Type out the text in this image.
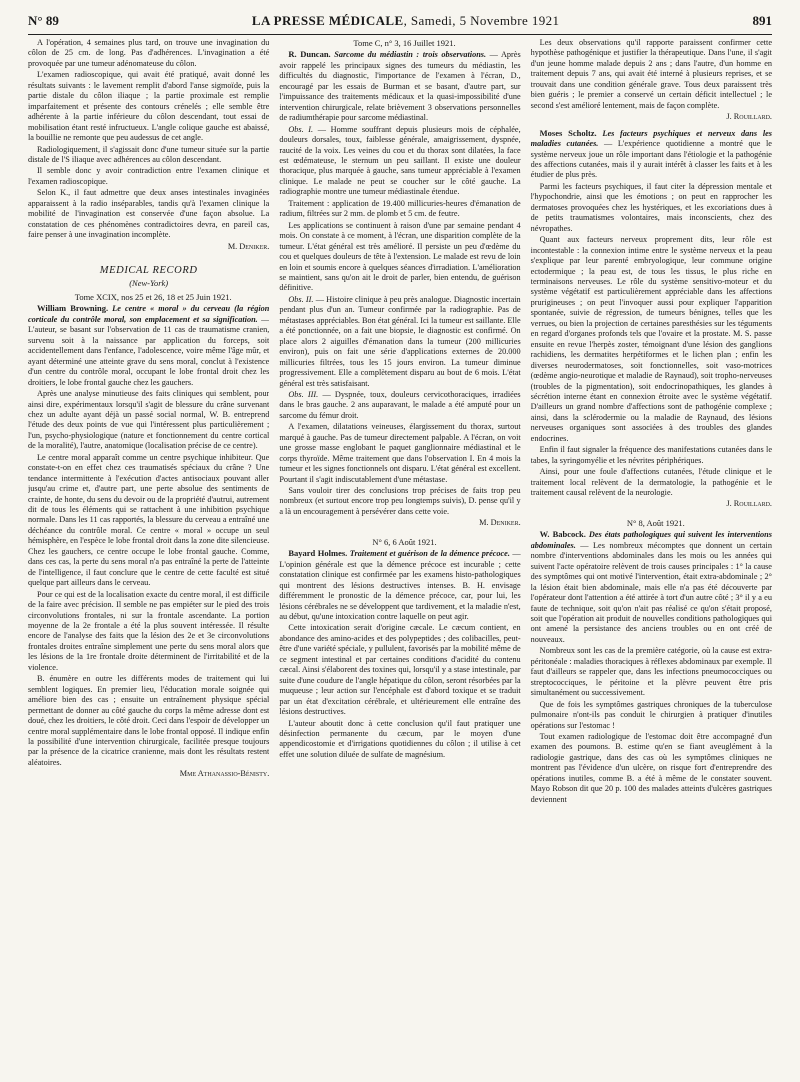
N° 89	LA PRESSE MÉDICALE, Samedi, 5 Novembre 1921	891

A l'opération, 4 semaines plus tard, on trouve une invagination du côlon de 25 cm. de long. Pas d'adhérences. L'invagination a été provoquée par une tumeur adénomateuse du côlon.

L'examen radioscopique, qui avait été pratiqué, avait donné les résultats suivants : le lavement remplit d'abord l'anse sigmoïde, puis la partie distale du côlon iliaque ; la partie proximale est remplie imparfaitement et présente des contours crénelés ; elle semble être adhérente à la partie inférieure du côlon descendant, tout essai de mobilisation étant resté infructueux. L'angle colique gauche est abaissé, la bouillie ne remonte que peu audessus de cet angle.

Radiologiquement, il s'agissait donc d'une tumeur située sur la partie distale de l'S iliaque avec adhérences au côlon descendant.

Il semble donc y avoir contradiction entre l'examen clinique et l'examen radioscopique.

Selon K., il faut admettre que deux anses intestinales invaginées apparaissent à la radio inséparables, tandis qu'à l'examen clinique la mobilité de l'invagination est conservée d'une façon absolue. La constatation de ces phénomènes contradictoires devra, en pareil cas, faire penser à une invagination incomplète.

M. Deniker.

MEDICAL RECORD
(New-York)

Tome XCIX, nos 25 et 26, 18 et 25 Juin 1921.

William Browning. Le centre « moral » du cerveau (la région corticale du contrôle moral, son emplacement et sa signification. — L'auteur, se basant sur l'observation de 11 cas de traumatisme cranien, survenu soit à la naissance par application du forceps, soit accidentellement dans l'enfance, l'adolescence, voire même l'âge mûr, et ayant déterminé une atteinte grave du sens moral, conclut à l'existence d'un centre du contrôle moral, occupant le lobe frontal droit chez les droitiers, le lobe frontal gauche chez les gauchers.

Après une analyse minutieuse des faits cliniques qui semblent, pour ainsi dire, expérimentaux lorsqu'il s'agit de blessure du crâne survenant chez un adulte ayant déjà un passé social normal, W. B. entreprend l'étude des deux points de vue qui l'intéressent plus particulièrement ; l'un, psycho-physiologique (nature et fonctionnement du centre cortical de la moralité), l'autre, anatomique (localisation précise de ce centre).

Le centre moral apparaît comme un centre psychique inhibiteur. Que constate-t-on en effet chez ces traumatisés spéciaux du crâne ? Une tendance intermittente à l'exécution d'actes antisociaux pouvant aller jusqu'au crime et, d'autre part, une perte absolue des sentiments de crainte, de honte, du sens du devoir ou de la propriété d'autrui, autrement dit de tous les éléments qui se rattachent à une inhibition psychique normale. Dans les 11 cas rapportés, la blessure du cerveau a entraîné une déchéance du contrôle moral. Ce centre « moral » occupe un seul hémisphère, en l'espèce le lobe frontal droit dans la zone dite silencieuse. Chez les gauchers, ce centre occupe le lobe frontal gauche. Comme, dans ces cas, la perte du sens moral n'a pas entraîné la perte de l'atteinte de l'intelligence, il faut conclure que le centre de cette faculté est situé quelque part ailleurs dans le cerveau.

Pour ce qui est de la localisation exacte du centre moral, il est difficile de la faire avec précision. Il semble ne pas empiéter sur le pied des trois circonvolutions frontales, ni sur la frontale ascendante. La portion moyenne de la 2e frontale a été la plus souvent intéressée. Il résulte encore de l'analyse des faits que la lésion des 2e et 3e circonvolutions frontales droites entraîne simplement une perte du sens moral alors que les lésions de la 1re frontale droite déterminent de l'irritabilité et de la violence.

B. énumère en outre les différents modes de traitement qui lui semblent logiques. En premier lieu, l'éducation morale soignée qui améliore bien des cas ; ensuite un entraînement physique spécial permettant de donner au côté gauche du corps la même adresse dont est doué, chez les droitiers, le côté droit. Ceci dans l'espoir de développer un centre moral supplémentaire dans le lobe frontal opposé. Il indique enfin la possibilité d'une intervention chirurgicale, facilitée presque toujours par la présence de la cicatrice cranienne, mais dont les résultats restent aléatoires.

Mme Athanassio-Bénisty.

Tome C, n° 3, 16 Juillet 1921.

R. Duncan. Sarcome du médiastin : trois observations. — Après avoir rappelé les principaux signes des tumeurs du médiastin, les difficultés du diagnostic, l'importance de l'examen à l'écran, D., encouragé par les essais de Burman et se basant, d'autre part, sur l'impuissance des traitements médicaux et la quasi-impossibilité d'une intervention chirurgicale, relate brièvement 3 observations personnelles de radiumthérapie pour sarcome médiastinal.

Obs. I. — Homme souffrant depuis plusieurs mois de céphalée, douleurs dorsales, toux, faiblesse générale, amaigrissement, dyspnée, raucité de la voix. Les veines du cou et du thorax sont dilatées, la face est œdémateuse, le sternum un peu saillant. Il existe une douleur thoracique, plus marquée à gauche, sans tumeur appréciable à l'examen clinique. Le malade ne peut se coucher sur le côté gauche. La radiographie montre une tumeur médiastinale étendue.

Traitement : application de 19.400 millicuries-heures d'émanation de radium, filtrées sur 2 mm. de plomb et 5 cm. de feutre.

Les applications se continuent à raison d'une par semaine pendant 4 mois. On constate à ce moment, à l'écran, une disparition complète de la tumeur. L'état général est très amélioré. Il persiste un peu d'œdème du cou et quelques douleurs de tête à l'extension. Le malade est revu de loin en loin et soumis encore à quelques séances d'irradiation. L'amélioration se maintient, sans qu'on ait le droit de parler, bien entendu, de guérison définitive.

Obs. II. — Histoire clinique à peu près analogue. Diagnostic incertain pendant plus d'un an. Tumeur confirmée par la radiographie. Pas de métastases appréciables. Bon état général. Ici la tumeur est saillante. Elle a été ponctionnée, on a fait une biopsie, le diagnostic est confirmé. On place alors 2 aiguilles d'émanation dans la tumeur (200 millicuries environ), puis on fait une série d'applications externes de 20.000 millicuries filtrées, tous les 15 jours environ. La tumeur diminue progressivement. Elle a complètement disparu au bout de 6 mois. L'état général est très satisfaisant.

Obs. III. — Dyspnée, toux, douleurs cervicothoraciques, irradiées dans le bras gauche. 2 ans auparavant, le malade a été amputé pour un sarcome du fémur droit.

A l'examen, dilatations veineuses, élargissement du thorax, surtout marqué à gauche. Pas de tumeur directement palpable. A l'écran, on voit une grosse masse englobant le paquet ganglionnaire médiastinal et le corps thyroïde. Même traitement que dans l'observation I. En 4 mois la tumeur et les signes fonctionnels ont disparu. L'état général est excellent. Pourtant il s'agit indiscutablement d'une métastase.

Sans vouloir tirer des conclusions trop précises de faits trop peu nombreux (et surtout encore trop peu longtemps suivis), D. pense qu'il y a là un encouragement à persévérer dans cette voie.

M. Deniker.

N° 6, 6 Août 1921.

Bayard Holmes. Traitement et guérison de la démence précoce. — L'opinion générale est que la démence précoce est incurable ; cette constatation clinique est confirmée par les examens histo-pathologiques qui montrent des lésions destructives intenses. B. H. envisage différemment le pronostic de la démence précoce, car, pour lui, les lésions cérébrales ne se développent que tardivement, et la maladie n'est, au début, qu'une intoxication contre laquelle on peut agir.

Cette intoxication serait d'origine cæcale. Le cæcum contient, en abondance des amino-acides et des polypeptides ; des colibacilles, peut-être d'une variété spéciale, y pullulent, favorisés par la mobilité même de ce segment intestinal et par certaines conditions d'acidité du contenu cæcal. Ainsi s'élaborent des toxines qui, lorsqu'il y a stase intestinale, par suite d'une coudure de l'angle hépatique du côlon, seront résorbées par la muqueuse ; leur action sur l'encéphale est d'abord toxique et se traduit par un état d'excitation cérébrale, et ultérieurement elle entraîne des lésions destructives.

L'auteur aboutit donc à cette conclusion qu'il faut pratiquer une désinfection permanente du cæcum, par le moyen d'une appendicostomie et d'irrigations quotidiennes du côlon ; il utilise à cet effet une solution diluée de sulfate de magnésium.

Les deux observations qu'il rapporte paraissent confirmer cette hypothèse pathogénique et justifier la thérapeutique. Dans l'une, il s'agit d'un jeune homme malade depuis 2 ans ; dans l'autre, d'un homme en traitement depuis 7 ans, qui avait été interné à plusieurs reprises, et se trouvait dans une condition générale grave. Tous deux paraissent très bien guéris ; le premier a conservé un certain déficit intellectuel ; le second s'est amélioré lentement, mais de façon complète.

J. Rouillard.

Moses Scholtz. Les facteurs psychiques et nerveux dans les maladies cutanées. — L'expérience quotidienne a montré que le système nerveux joue un rôle important dans l'étiologie et la pathogénie des affections cutanées, mais il y aurait intérêt à classer les faits et à les étudier de plus près.

Parmi les facteurs psychiques, il faut citer la dépression mentale et l'hypochondrie, ainsi que les émotions ; on peut en rapprocher les dermatoses provoquées chez les hystériques, et les excoriations dues à de petits traumatismes volontaires, mais inconscients, chez des névropathes.

Quant aux facteurs nerveux proprement dits, leur rôle est incontestable : la connexion intime entre le système nerveux et la peau s'explique par leur parenté embryologique, leur commune origine ectodermique ; la peau est, de tous les tissus, le plus riche en terminaisons nerveuses. Le rôle du système sensitivo-moteur et du système végétatif est particulièrement appréciable dans les affections prurigineuses ; on peut l'invoquer aussi pour expliquer l'apparition spontanée, suivie de régression, de tumeurs bénignes, telles que les verrues, ou bien la projection de certaines paresthésies sur les téguments en regard d'organes profonds tels que l'ovaire et la prostate. M. S. passe ensuite en revue l'herpès zoster, témoignant d'une lésion des ganglions rachidiens, les dermatites herpétiformes et le lichen plan ; enfin les diverses neurodermatoses, soit fonctionnelles, soit vaso-motrices (œdème angio-neurotique et maladie de Raynaud), soit tropho-nerveuses (troubles de la pigmentation), soit endocrinopathiques, les glandes à sécrétion interne étant en connexion étroite avec le système végétatif. D'ailleurs un grand nombre d'affections sont de pathogénie complexe ; ainsi, dans la sclérodermie ou la maladie de Raynaud, des lésions nerveuses organiques sont associées à des troubles des glandes endocrines.

Enfin il faut signaler la fréquence des manifestations cutanées dans le tabes, la syringomyélie et les névrites périphériques.

Ainsi, pour une foule d'affections cutanées, l'étude clinique et le traitement local relèvent de la dermatologie, la pathogénie et le traitement causal relèvent de la neurologie.

J. Rouillard.

N° 8, Août 1921.

W. Babcock. Des états pathologiques qui suivent les interventions abdominales. — Les nombreux mécomptes que donnent un certain nombre d'interventions abdominales dans les mois ou les années qui suivent l'acte opératoire relèvent de trois causes principales : 1° la cause des symptômes qui ont motivé l'intervention, était extra-abdominale ; 2° la lésion était bien abdominale, mais elle n'a pas été découverte par l'opérateur dont l'attention a été attirée à tort d'un autre côté ; 3° il y a eu faute de technique, soit qu'on n'ait pas réalisé ce qu'on s'était proposé, soit que l'opération ait produit de nouvelles conditions pathologiques qui ont amené la persistance des anciens troubles ou en ont créé de nouveaux.

Nombreux sont les cas de la première catégorie, où la cause est extra-péritonéale : maladies thoraciques à réflexes abdominaux par exemple. Il faut d'ailleurs se rappeler que, dans les infections pneumococciques ou streptococciques, le péritoine et la plèvre peuvent être pris simultanément ou successivement.

Que de fois les symptômes gastriques chroniques de la tuberculose pulmonaire n'ont-ils pas conduit le chirurgien à pratiquer d'inutiles opérations sur l'estomac !

Tout examen radiologique de l'estomac doit être accompagné d'un examen des poumons. B. estime qu'en se fiant aveuglément à la radiologie gastrique, dans des cas où les symptômes cliniques ne montrent pas l'évidence d'un ulcère, on risque fort d'entreprendre des opérations inutiles, comme B. a été à même de le constater souvent. Mayo Robson dit que 20 p. 100 des malades atteints d'ulcères gastriques deviennent
